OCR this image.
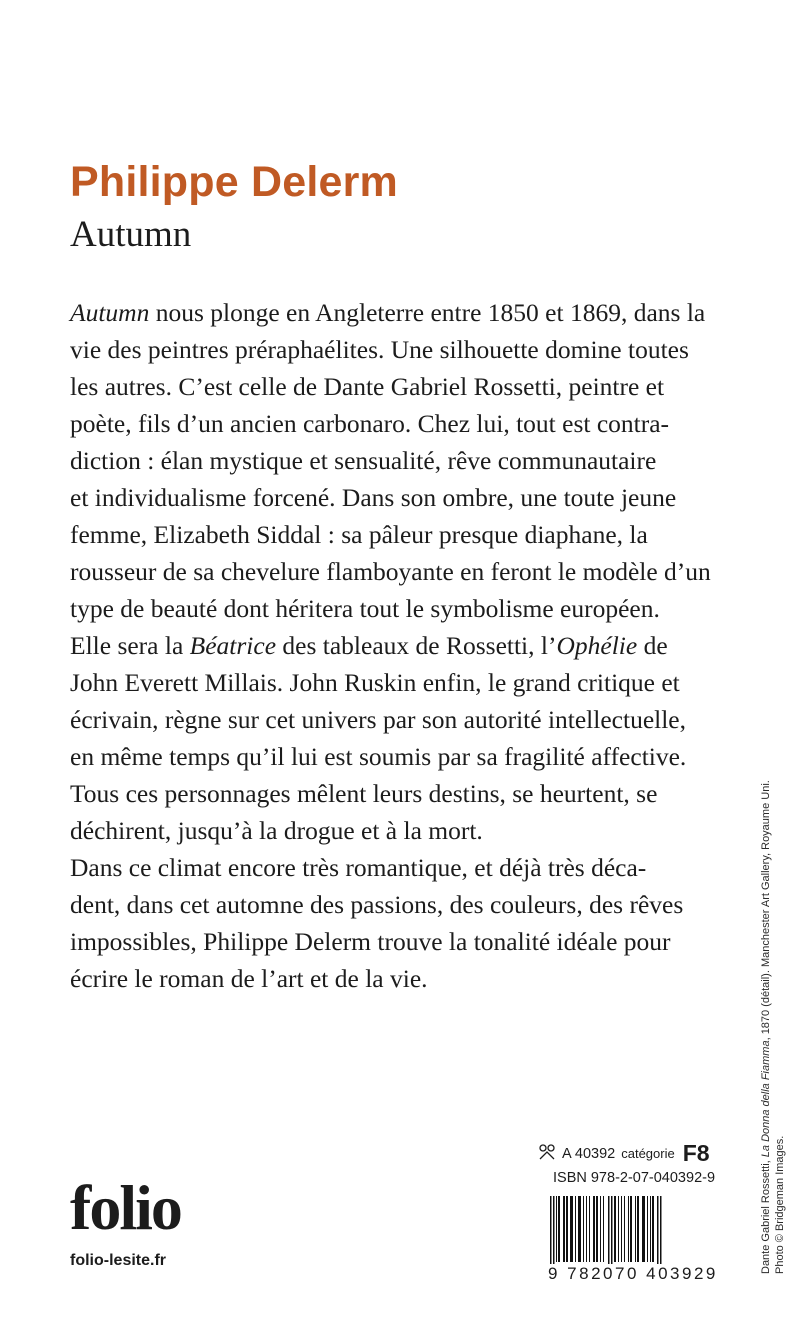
Philippe Delerm
Autumn
Autumn nous plonge en Angleterre entre 1850 et 1869, dans la
vie des peintres préraphaélites. Une silhouette domine toutes
les autres. C’est celle de Dante Gabriel Rossetti, peintre et
poète, fils d’un ancien carbonaro. Chez lui, tout est contra-
diction : élan mystique et sensualité, rêve communautaire
et individualisme forcené. Dans son ombre, une toute jeune
femme, Elizabeth Siddal : sa pâleur presque diaphane, la
rousseur de sa chevelure flamboyante en feront le modèle d’un
type de beauté dont héritera tout le symbolisme européen.
Elle sera la Béatrice des tableaux de Rossetti, l’Ophélie de
John Everett Millais. John Ruskin enfin, le grand critique et
écrivain, règne sur cet univers par son autorité intellectuelle,
en même temps qu’il lui est soumis par sa fragilité affective.
Tous ces personnages mêlent leurs destins, se heurtent, se
déchirent, jusqu’à la drogue et à la mort.
Dans ce climat encore très romantique, et déjà très déca-
dent, dans cet automne des passions, des couleurs, des rêves
impossibles, Philippe Delerm trouve la tonalité idéale pour
écrire le roman de l’art et de la vie.
Dante Gabriel Rossetti, La Donna della Fiamma, 1870 (détail). Manchester Art Gallery, Royaume Uni.
Photo © Bridgeman Images.
A 40392 catégorie F8
ISBN 978-2-07-040392-9
folio
folio-lesite.fr
9 782070 403929
